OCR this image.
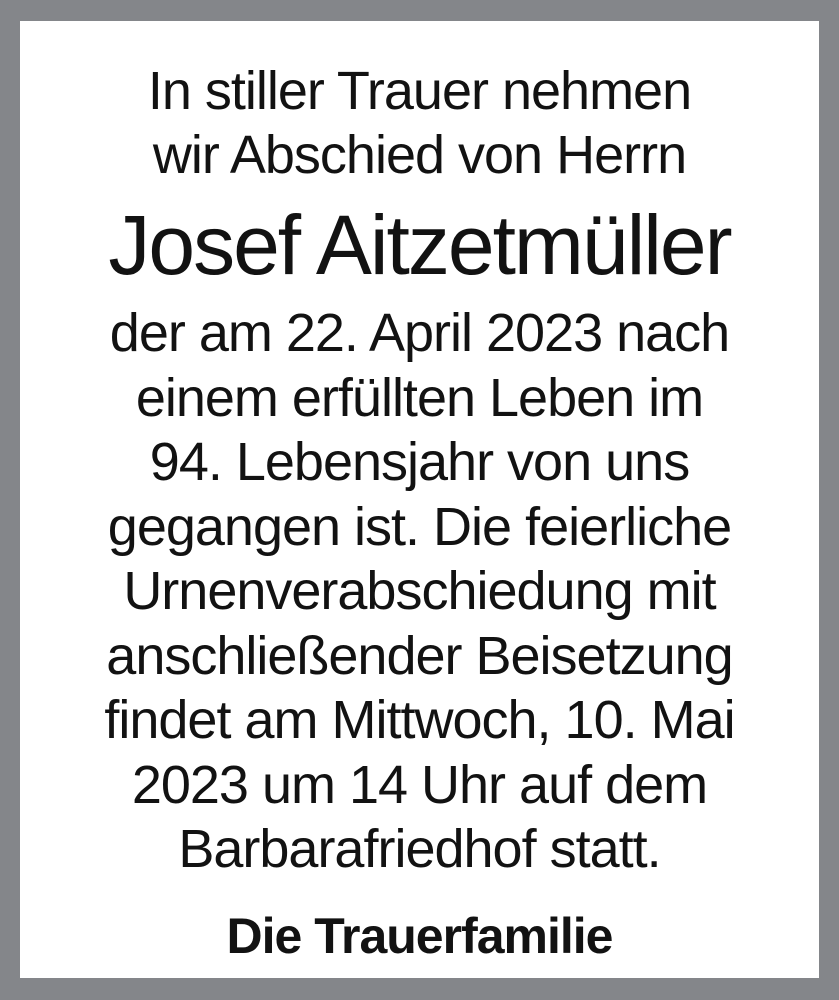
In stiller Trauer nehmen
wir Abschied von Herrn
Josef Aitzetmüller
der am 22. April 2023 nach
einem erfüllten Leben im
94. Lebensjahr von uns
gegangen ist. Die feierliche
Urnenverabschiedung mit
anschließender Beisetzung
findet am Mittwoch, 10. Mai
2023 um 14 Uhr auf dem
Barbarafriedhof statt.
Die Trauerfamilie
